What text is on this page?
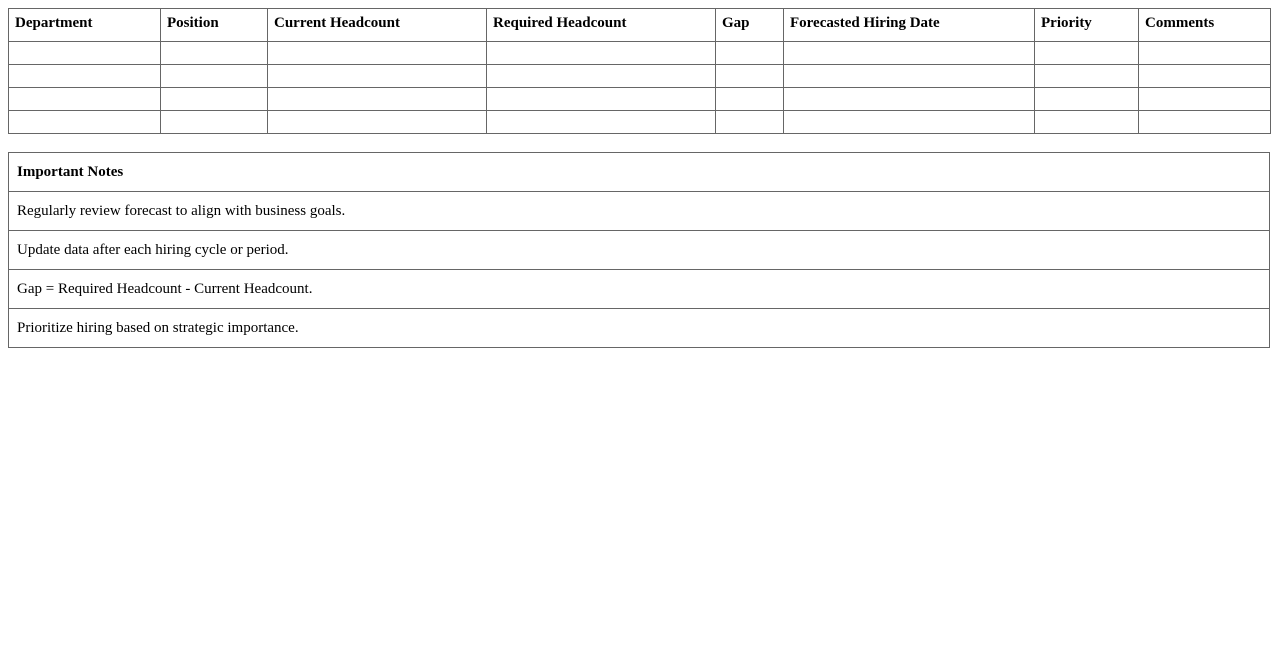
Department	Position	Current Headcount	Required Headcount	Gap	Forecasted Hiring Date	Priority	Comments

Important Notes
Regularly review forecast to align with business goals.
Update data after each hiring cycle or period.
Gap = Required Headcount - Current Headcount.
Prioritize hiring based on strategic importance.
